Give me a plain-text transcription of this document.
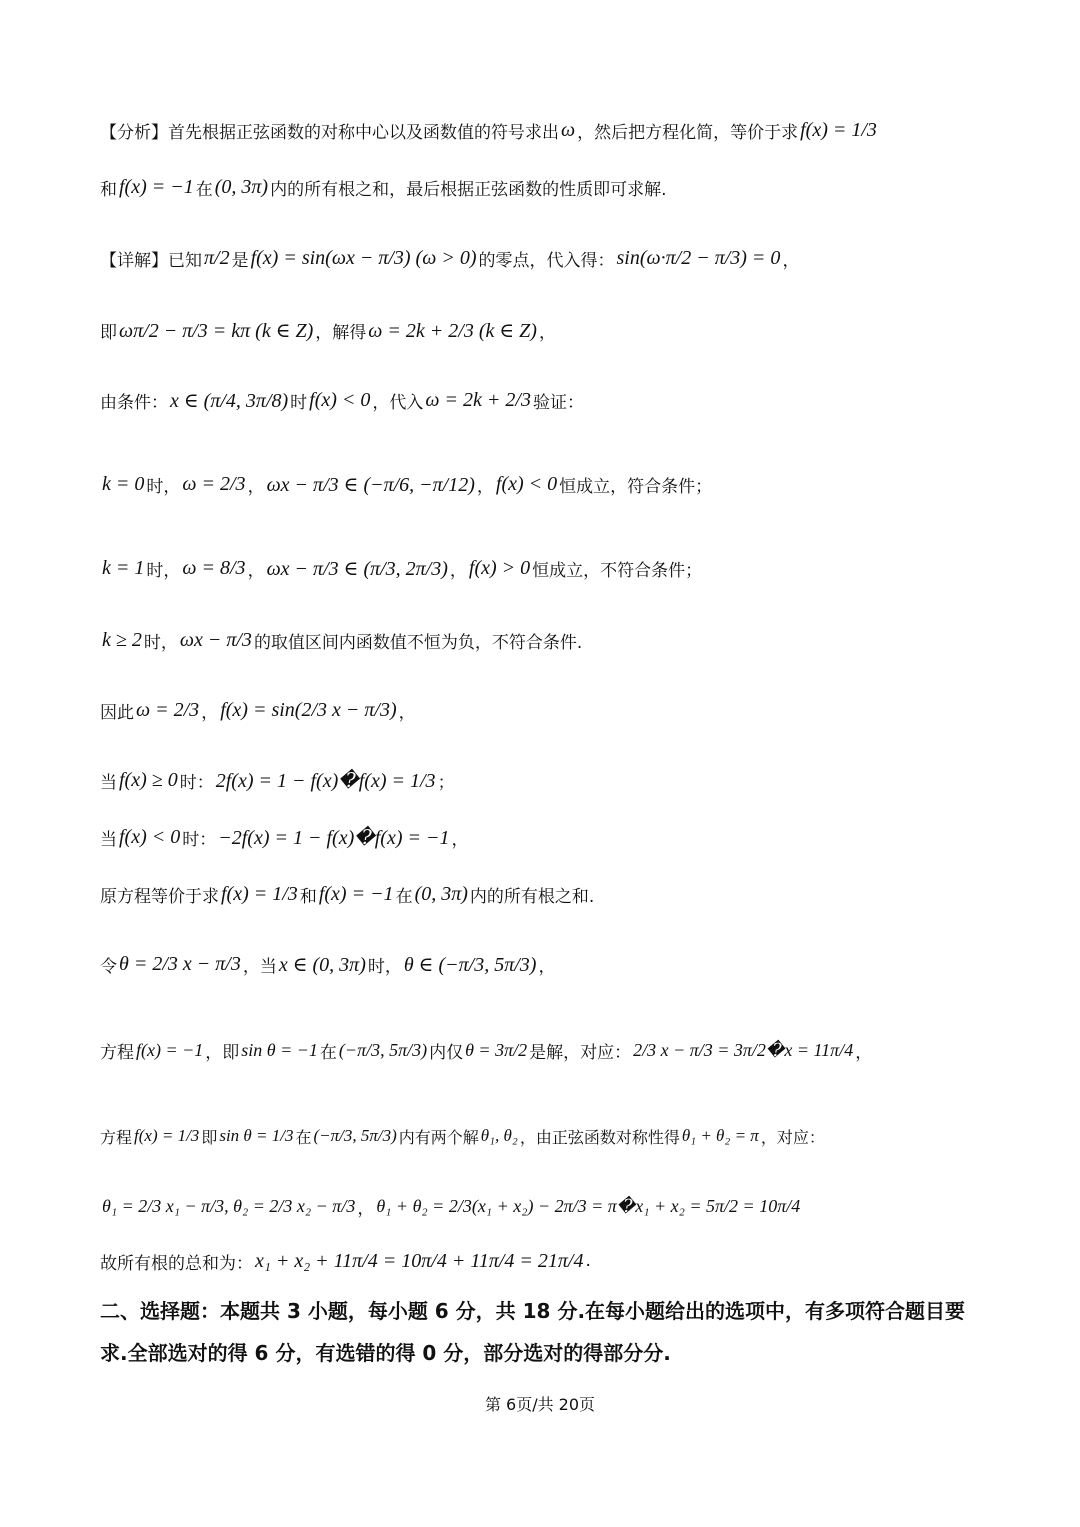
【分析】首先根据正弦函数的对称中心以及函数值的符号求出 ω ，然后把方程化简，等价于求 f(x) = 1/3
和 f(x) = −1 在 (0, 3π) 内的所有根之和，最后根据正弦函数的性质即可求解.
【详解】已知 π/2 是 f(x) = sin(ωx − π/3) (ω > 0) 的零点，代入得： sin(ω·π/2 − π/3) = 0 ，
即 ωπ/2 − π/3 = kπ (k ∈ Z) ，解得 ω = 2k + 2/3 (k ∈ Z) ，
由条件： x ∈ (π/4, 3π/8) 时 f(x) < 0 ，代入 ω = 2k + 2/3 验证：
k = 0 时， ω = 2/3 ， ωx − π/3 ∈ (−π/6, −π/12) ， f(x) < 0 恒成立，符合条件；
k = 1 时， ω = 8/3 ， ωx − π/3 ∈ (π/3, 2π/3) ， f(x) > 0 恒成立，不符合条件；
k ≥ 2 时， ωx − π/3 的取值区间内函数值不恒为负，不符合条件.
因此 ω = 2/3 ， f(x) = sin(2/3 x − π/3) ，
当 f(x) ≥ 0 时： 2f(x) = 1 − f(x)�f(x) = 1/3 ；
当 f(x) < 0 时： −2f(x) = 1 − f(x)�f(x) = −1 ，
原方程等价于求 f(x) = 1/3 和 f(x) = −1 在 (0, 3π) 内的所有根之和.
令 θ = 2/3 x − π/3 ，当 x ∈ (0, 3π) 时， θ ∈ (−π/3, 5π/3) ，
方程 f(x) = −1 ，即 sin θ = −1 在 (−π/3, 5π/3) 内仅 θ = 3π/2 是解，对应： 2/3 x − π/3 = 3π/2�x = 11π/4 ，
方程 f(x) = 1/3 即 sin θ = 1/3 在 (−π/3, 5π/3) 内有两个解 θ₁, θ₂ ，由正弦函数对称性得 θ₁ + θ₂ = π ，对应：
θ₁ = 2/3 x₁ − π/3, θ₂ = 2/3 x₂ − π/3 ， θ₁ + θ₂ = 2/3(x₁ + x₂) − 2π/3 = π�x₁ + x₂ = 5π/2 = 10π/4
故所有根的总和为： x₁ + x₂ + 11π/4 = 10π/4 + 11π/4 = 21π/4 .
二、选择题：本题共 3 小题，每小题 6 分，共 18 分.在每小题给出的选项中，有多项符合题目要求.全部选对的得 6 分，有选错的得 0 分，部分选对的得部分分.
第 6页/共 20页
